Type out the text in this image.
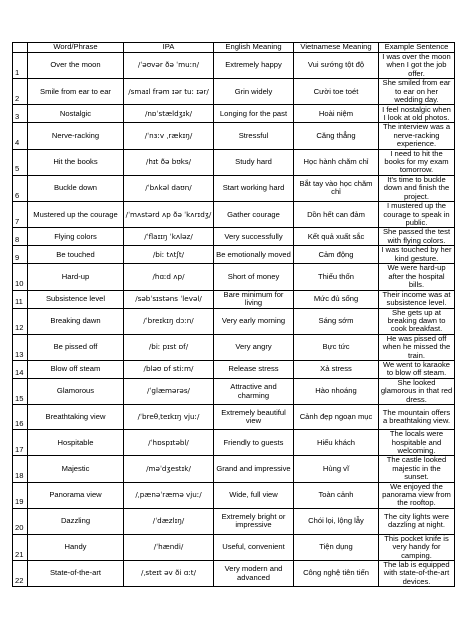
	Word/Phrase	IPA	English Meaning	Vietnamese Meaning	Example Sentence
1	Over the moon	/ˈəʊvər ðə ˈmuːn/	Extremely happy	Vui sướng tột độ	I was over the moon when I got the job offer.
2	Smile from ear to ear	/smaɪl frəm ɪər tuː ɪər/	Grin widely	Cười toe toét	She smiled from ear to ear on her wedding day.
3	Nostalgic	/nɒˈstældʒɪk/	Longing for the past	Hoài niệm	I feel nostalgic when I look at old photos.
4	Nerve-racking	/ˈnɜːv ˌrækɪŋ/	Stressful	Căng thẳng	The interview was a nerve-racking experience.
5	Hit the books	/hɪt ðə bʊks/	Study hard	Học hành chăm chỉ	I need to hit the books for my exam tomorrow.
6	Buckle down	/ˈbʌkəl daʊn/	Start working hard	Bắt tay vào học chăm chỉ	It's time to buckle down and finish the project.
7	Mustered up the courage	/ˈmʌstərd ʌp ðə ˈkʌrɪdʒ/	Gather courage	Dồn hết can đảm	I mustered up the courage to speak in public.
8	Flying colors	/ˈflaɪɪŋ ˈkʌləz/	Very successfully	Kết quả xuất sắc	She passed the test with flying colors.
9	Be touched	/biː tʌtʃt/	Be emotionally moved	Cảm động	I was touched by her kind gesture.
10	Hard-up	/hɑːd ʌp/	Short of money	Thiếu thốn	We were hard-up after the hospital bills.
11	Subsistence level	/səbˈsɪstəns ˈlevəl/	Bare minimum for living	Mức đủ sống	Their income was at subsistence level.
12	Breaking dawn	/ˈbreɪkɪŋ dɔːn/	Very early morning	Sáng sớm	She gets up at breaking dawn to cook breakfast.
13	Be pissed off	/biː pɪst ɒf/	Very angry	Bực tức	He was pissed off when he missed the train.
14	Blow off steam	/bləʊ ɒf stiːm/	Release stress	Xả stress	We went to karaoke to blow off steam.
15	Glamorous	/ˈɡlæmərəs/	Attractive and charming	Hào nhoáng	She looked glamorous in that red dress.
16	Breathtaking view	/ˈbreθˌteɪkɪŋ vjuː/	Extremely beautiful view	Cảnh đẹp ngoạn mục	The mountain offers a breathtaking view.
17	Hospitable	/ˈhɒspɪtəbl/	Friendly to guests	Hiếu khách	The locals were hospitable and welcoming.
18	Majestic	/məˈdʒestɪk/	Grand and impressive	Hùng vĩ	The castle looked majestic in the sunset.
19	Panorama view	/ˌpænəˈræmə vjuː/	Wide, full view	Toàn cảnh	We enjoyed the panorama view from the rooftop.
20	Dazzling	/ˈdæzlɪŋ/	Extremely bright or impressive	Chói lọi, lộng lẫy	The city lights were dazzling at night.
21	Handy	/ˈhændi/	Useful, convenient	Tiện dụng	This pocket knife is very handy for camping.
22	State-of-the-art	/ˌsteɪt əv ði ɑːt/	Very modern and advanced	Công nghệ tiên tiến	The lab is equipped with state-of-the-art devices.
